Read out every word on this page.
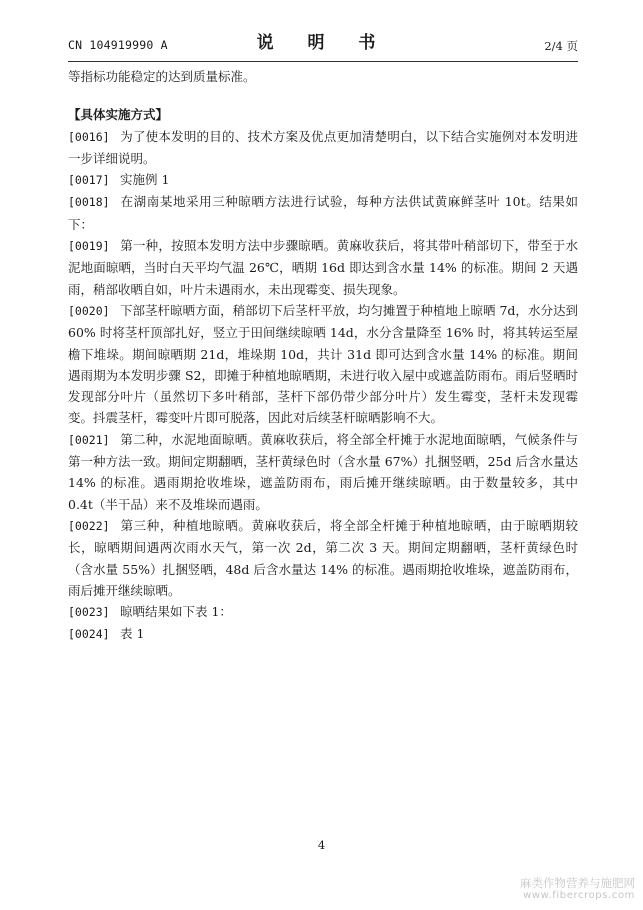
CN 104919990 A	说 明 书	2/4 页

等指标功能稳定的达到质量标准。

【具体实施方式】

[0016] 为了使本发明的目的、技术方案及优点更加清楚明白，以下结合实施例对本发明进一步详细说明。

[0017] 实施例 1

[0018] 在湖南某地采用三种晾晒方法进行试验，每种方法供试黄麻鲜茎叶 10t。结果如下：

[0019] 第一种，按照本发明方法中步骤晾晒。黄麻收获后，将其带叶稍部切下，带至于水泥地面晾晒，当时白天平均气温 26℃，晒期 16d 即达到含水量 14% 的标准。期间 2 天遇雨，稍部收晒自如，叶片未遇雨水，未出现霉变、损失现象。

[0020] 下部茎杆晾晒方面，稍部切下后茎杆平放，均匀摊置于种植地上晾晒 7d，水分达到 60% 时将茎杆顶部扎好，竖立于田间继续晾晒 14d，水分含量降至 16% 时，将其转运至屋檐下堆垛。期间晾晒期 21d，堆垛期 10d，共计 31d 即可达到含水量 14% 的标准。期间遇雨期为本发明步骤 S2，即摊于种植地晾晒期，未进行收入屋中或遮盖防雨布。雨后竖晒时发现部分叶片（虽然切下多叶稍部，茎杆下部仍带少部分叶片）发生霉变，茎杆未发现霉变。抖震茎杆，霉变叶片即可脱落，因此对后续茎杆晾晒影响不大。

[0021] 第二种，水泥地面晾晒。黄麻收获后，将全部全杆摊于水泥地面晾晒，气候条件与第一种方法一致。期间定期翻晒，茎杆黄绿色时（含水量 67%）扎捆竖晒，25d 后含水量达 14% 的标准。遇雨期抢收堆垛，遮盖防雨布，雨后摊开继续晾晒。由于数量较多，其中 0.4t（半干品）来不及堆垛而遇雨。

[0022] 第三种，种植地晾晒。黄麻收获后，将全部全杆摊于种植地晾晒，由于晾晒期较长，晾晒期间遇两次雨水天气，第一次 2d，第二次 3 天。期间定期翻晒，茎杆黄绿色时（含水量 55%）扎捆竖晒，48d 后含水量达 14% 的标准。遇雨期抢收堆垛，遮盖防雨布，雨后摊开继续晾晒。

[0023] 晾晒结果如下表 1：

[0024] 表 1

4
麻类作物营养与施肥网
www.fibercrops.com
